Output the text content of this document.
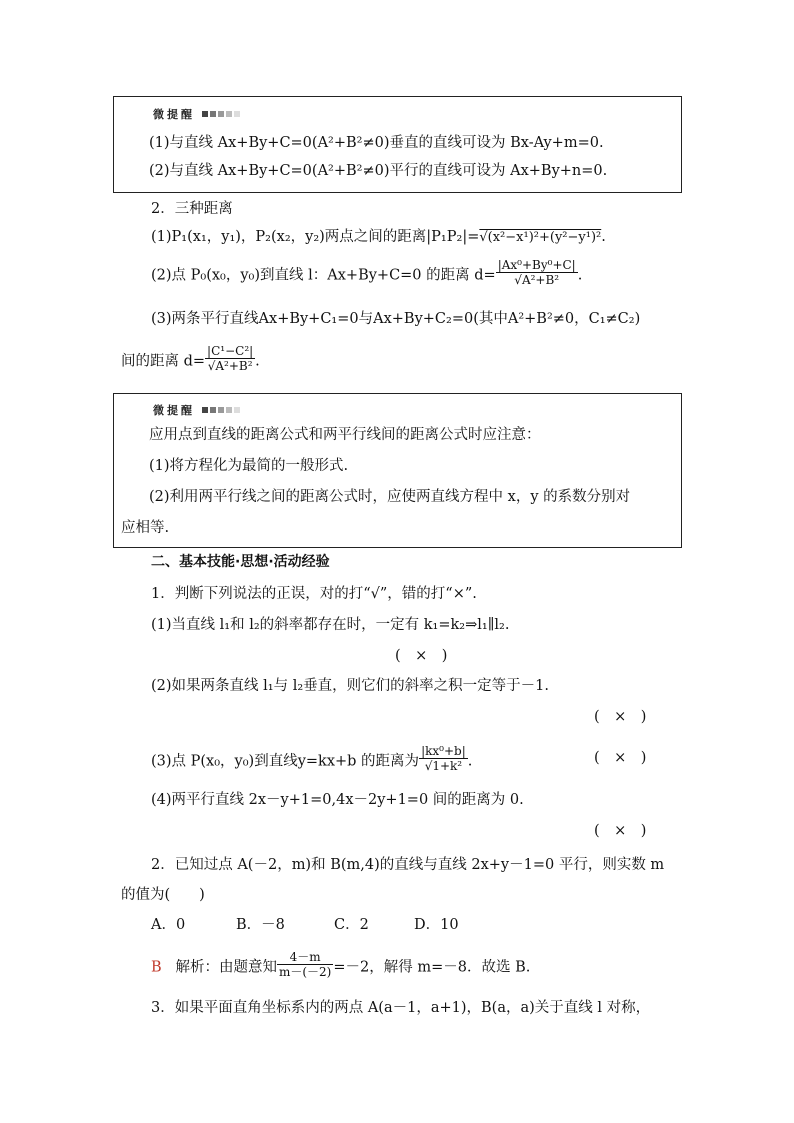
微提醒
(1)与直线 Ax+By+C=0(A²+B²≠0)垂直的直线可设为 Bx-Ay+m=0.
(2)与直线 Ax+By+C=0(A²+B²≠0)平行的直线可设为 Ax+By+n=0.
2．三种距离
(1)P₁(x₁，y₁)，P₂(x₂，y₂)两点之间的距离|P₁P₂|=√(x²−x¹)²+(y²−y¹)².
(2)点 P₀(x₀，y₀)到直线 l：Ax+By+C=0 的距离 $d= \frac{\text{|Ax⁰+By⁰+C|}}{\text{√A²+B²}}$ .
(3)两条平行直线Ax+By+C₁=0与Ax+By+C₂=0(其中A²+B²≠0，C₁≠C₂)
间的距离 $d= \frac{\text{|C¹−C²|}}{\text{√A²+B²}}$ .
微提醒
应用点到直线的距离公式和两平行线间的距离公式时应注意：
(1)将方程化为最简的一般形式.
(2)利用两平行线之间的距离公式时，应使两直线方程中 x，y 的系数分别对
应相等.
二、基本技能·思想·活动经验
1．判断下列说法的正误，对的打“√”，错的打“×”.
(1)当直线 l₁和 l₂的斜率都存在时，一定有 k₁=k₂⇒l₁∥l₂.
(　×　)
(2)如果两条直线 l₁与 l₂垂直，则它们的斜率之积一定等于－1.
(　×　)
(3)点 P(x₀，y₀)到直线y=kx+b 的距离为 $\frac{\text{|kx⁰+b|}}{\text{√1+k²}}$ .	(　×　)
(4)两平行直线 2x－y+1=0,4x－2y+1=0 间的距离为 0.
(　×　)
2．已知过点 A(－2，m)和 B(m,4)的直线与直线 2x+y－1=0 平行，则实数 m
的值为(　　)
A．0	B．－8	C．2	D．10
B 解析：由题意知 $\frac{4-m}{m-(-2)} =-2$，解得 m=－8．故选 B.
3．如果平面直角坐标系内的两点 A(a－1，a+1)，B(a，a)关于直线 l 对称，
